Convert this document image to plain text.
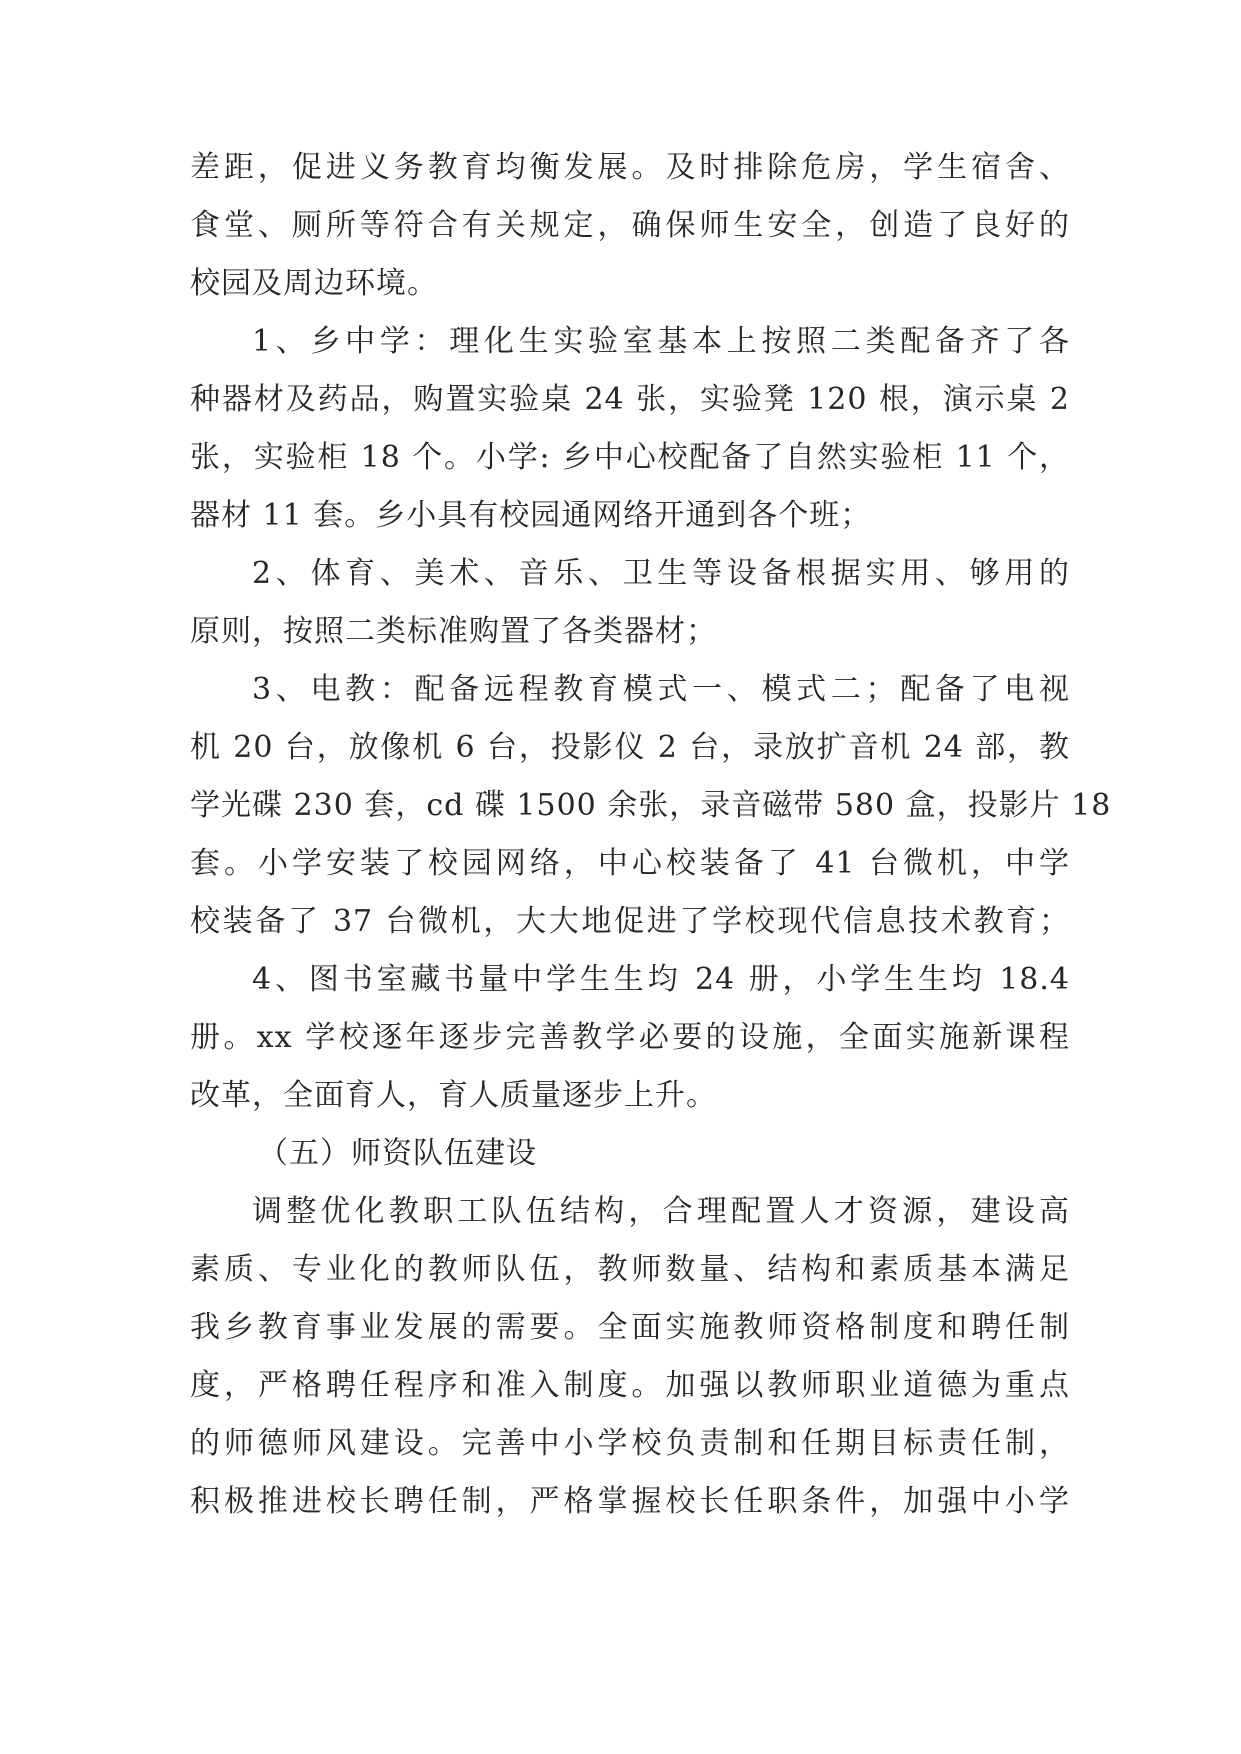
差距，促进义务教育均衡发展。及时排除危房，学生宿舍、
食堂、厕所等符合有关规定，确保师生安全，创造了良好的
校园及周边环境。
1、乡中学：理化生实验室基本上按照二类配备齐了各
种器材及药品，购置实验桌 24 张，实验凳 120 根，演示桌 2
张，实验柜 18 个。小学: 乡中心校配备了自然实验柜 11 个，
器材 11 套。乡小具有校园通网络开通到各个班；
2、体育、美术、音乐、卫生等设备根据实用、够用的
原则，按照二类标准购置了各类器材；
3、电教：配备远程教育模式一、模式二；配备了电视
机 20 台，放像机 6 台，投影仪 2 台，录放扩音机 24 部，教
学光碟 230 套，cd 碟 1500 余张，录音磁带 580 盒，投影片 18
套。小学安装了校园网络，中心校装备了 41 台微机，中学
校装备了 37 台微机，大大地促进了学校现代信息技术教育；
4、图书室藏书量中学生生均 24 册，小学生生均 18.4
册。xx 学校逐年逐步完善教学必要的设施，全面实施新课程
改革，全面育人，育人质量逐步上升。
（五）师资队伍建设
调整优化教职工队伍结构，合理配置人才资源，建设高
素质、专业化的教师队伍，教师数量、结构和素质基本满足
我乡教育事业发展的需要。全面实施教师资格制度和聘任制
度，严格聘任程序和准入制度。加强以教师职业道德为重点
的师德师风建设。完善中小学校负责制和任期目标责任制，
积极推进校长聘任制，严格掌握校长任职条件，加强中小学
